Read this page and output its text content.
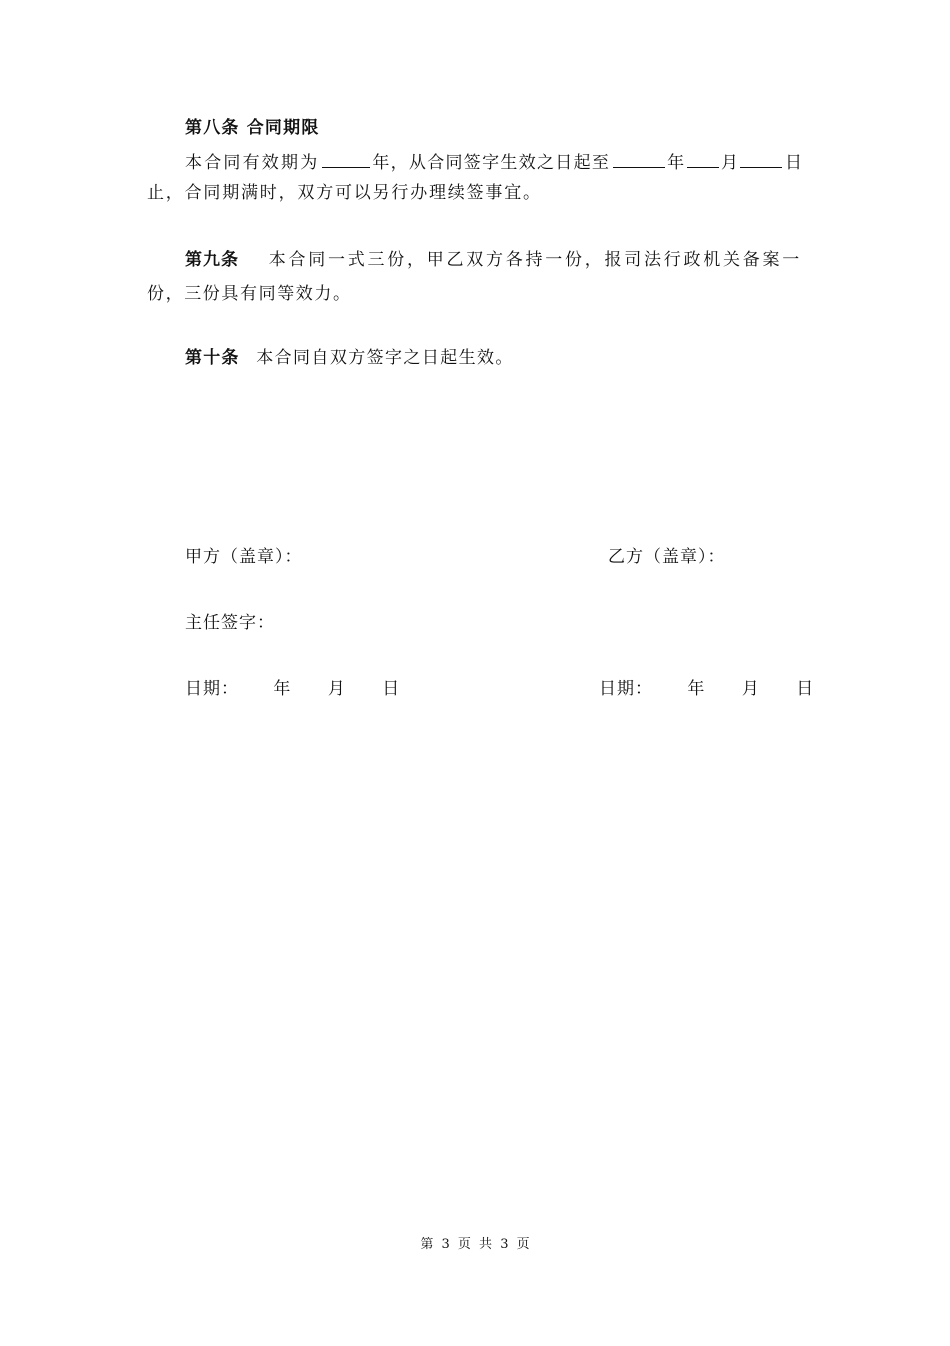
第八条 合同期限
本合同有效期为	年，从合同签字生效之日起至	年 月	日
止，合同期满时，双方可以另行办理续签事宜。
第九条 本合同一式三份，甲乙双方各持一份，报司法行政机关备案一
份，三份具有同等效力。
第十条 本合同自双方签字之日起生效。
甲方（盖章）：	乙方（盖章）：
主任签字：
日期： 年 月 日	日期： 年 月 日
第 3 页 共 3 页
